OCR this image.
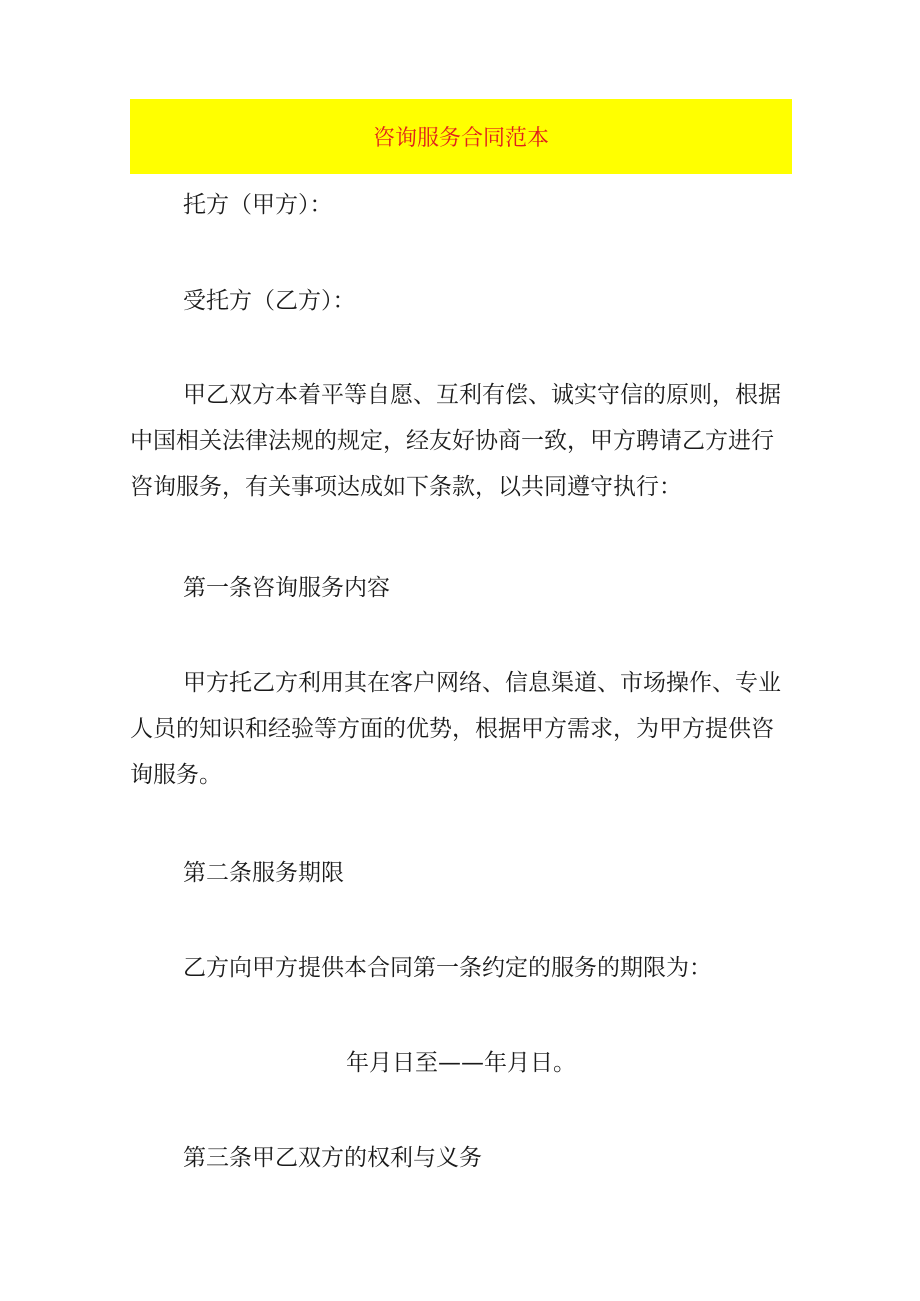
咨询服务合同范本

托方（甲方）：

受托方（乙方）：

甲乙双方本着平等自愿、互利有偿、诚实守信的原则，根据
中国相关法律法规的规定，经友好协商一致，甲方聘请乙方进行
咨询服务，有关事项达成如下条款，以共同遵守执行：

第一条咨询服务内容

甲方托乙方利用其在客户网络、信息渠道、市场操作、专业
人员的知识和经验等方面的优势，根据甲方需求，为甲方提供咨
询服务。

第二条服务期限

乙方向甲方提供本合同第一条约定的服务的期限为：

年月日至——年月日。

第三条甲乙双方的权利与义务
